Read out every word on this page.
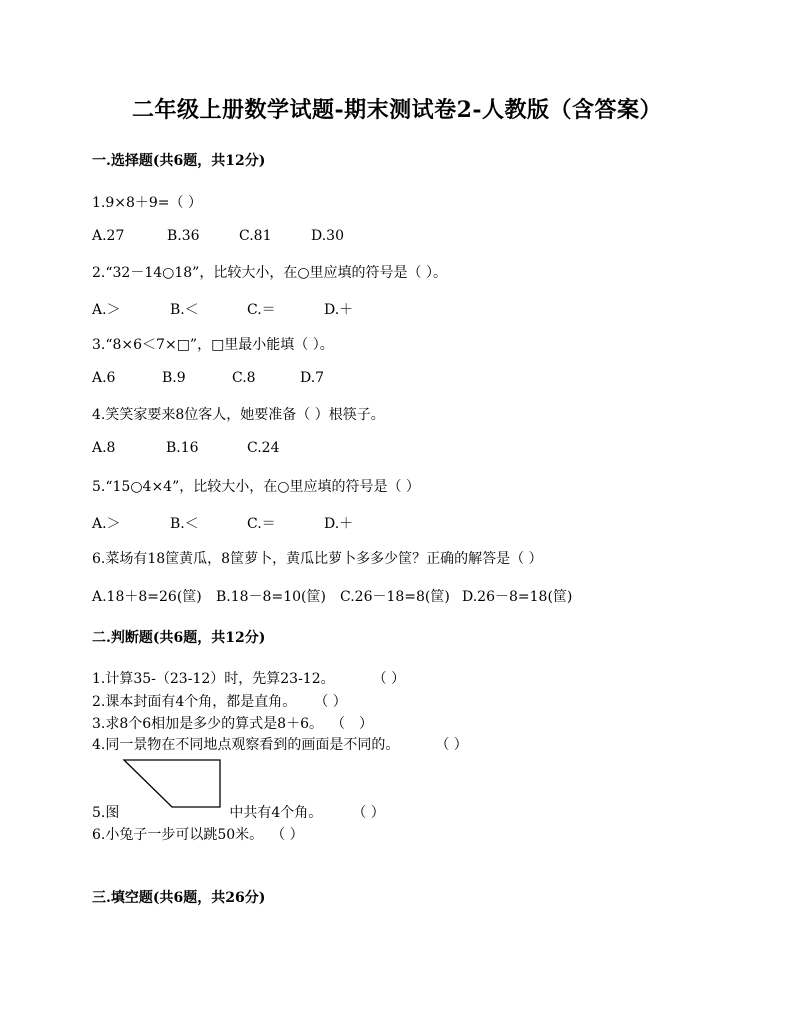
二年级上册数学试题-期末测试卷2-人教版（含答案）
一.选择题(共6题，共12分)
1.9×8＋9=（ ）
A.27	B.36	C.81	D.30
2.“32－14○18”，比较大小，在○里应填的符号是（ ）。
A.＞	B.＜	C.＝	D.＋
3.“8×6＜7×□”，□里最小能填（ ）。
A.6	B.9	C.8	D.7
4.笑笑家要来8位客人，她要准备（ ）根筷子。
A.8	B.16	C.24
5.“15○4×4”，比较大小，在○里应填的符号是（ ）
A.＞	B.＜	C.＝	D.＋
6.菜场有18筐黄瓜，8筐萝卜，黄瓜比萝卜多多少筐？正确的解答是（ ）
A.18＋8=26(筐) B.18－8=10(筐) C.26－18=8(筐) D.26－8=18(筐)
二.判断题(共6题，共12分)
1.计算35-（23-12）时，先算23-12。	（ ）
2.课本封面有4个角，都是直角。 （ ）
3.求8个6相加是多少的算式是8＋6。 （　）
4.同一景物在不同地点观察看到的画面是不同的。	（ ）
5.图	中共有4个角。 （ ）
6.小兔子一步可以跳50米。 （ ）
三.填空题(共6题，共26分)
